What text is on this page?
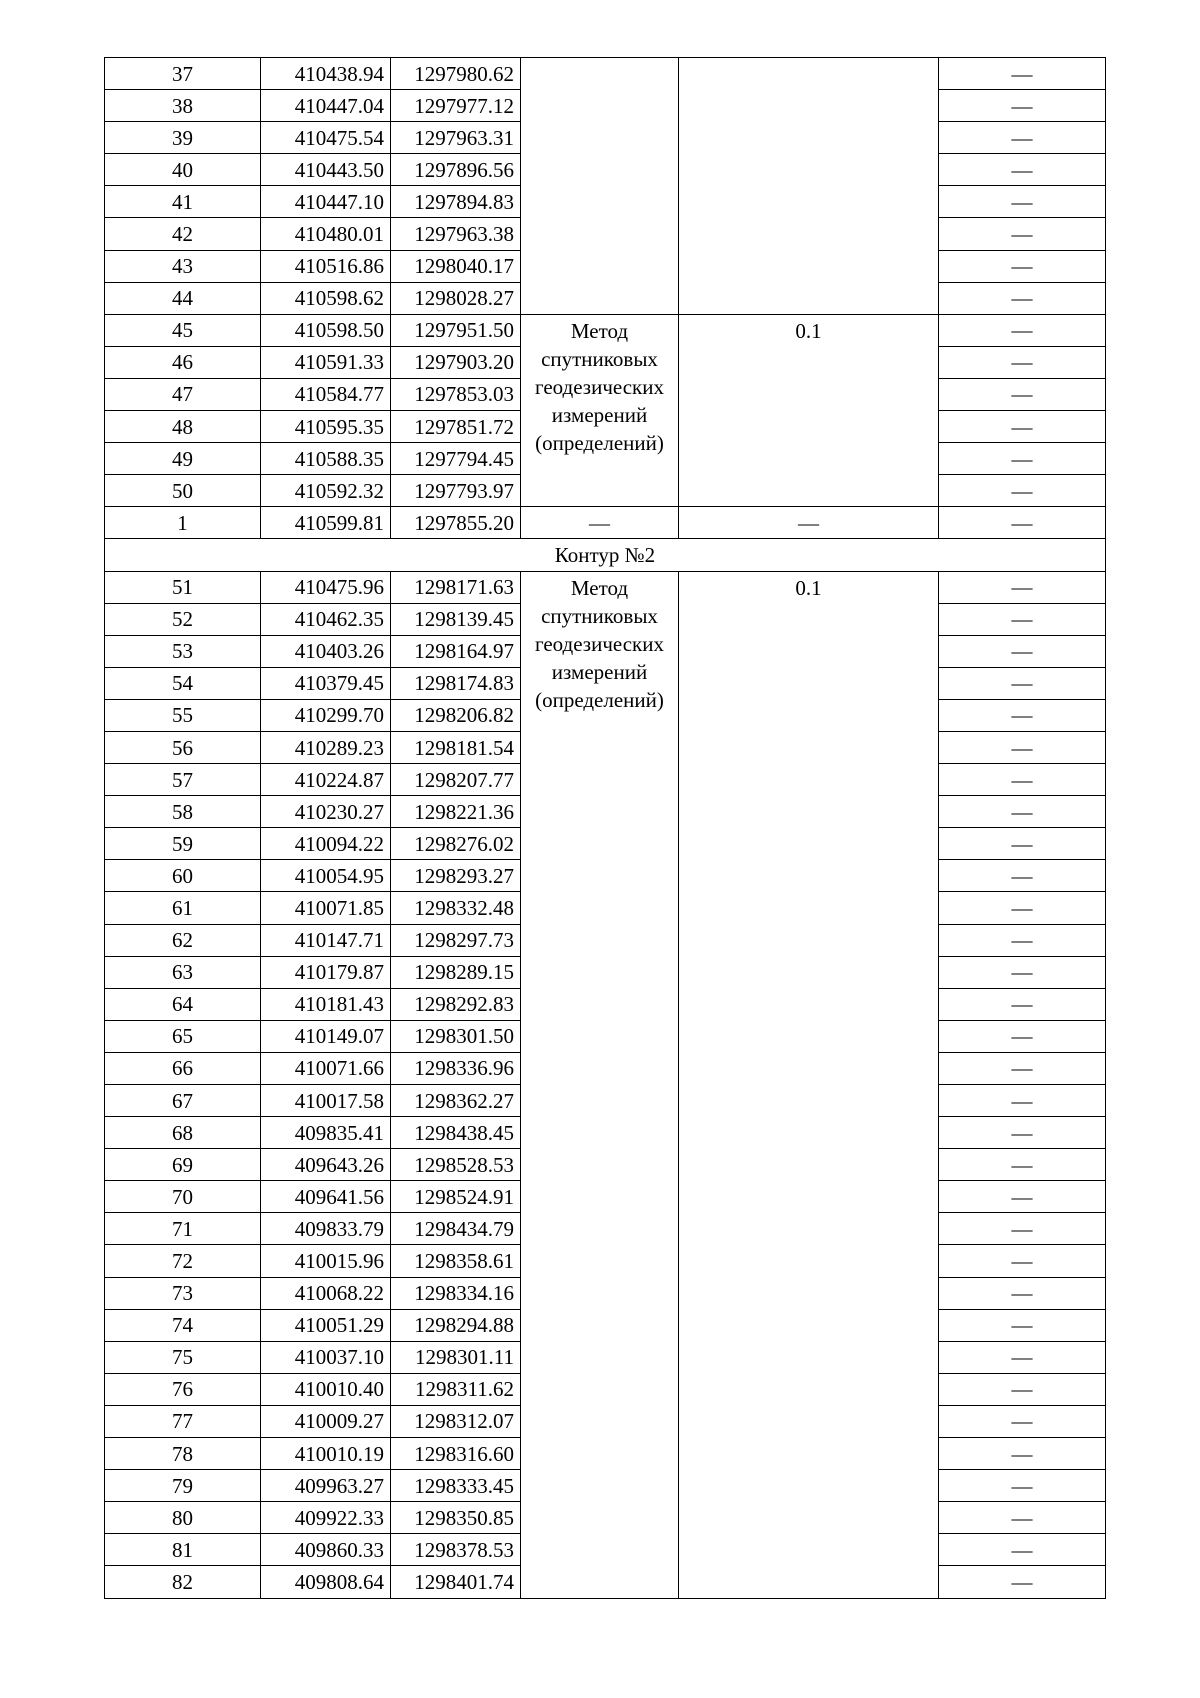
37	410438.94	1297980.62			—
38	410447.04	1297977.12			—
39	410475.54	1297963.31			—
40	410443.50	1297896.56			—
41	410447.10	1297894.83			—
42	410480.01	1297963.38			—
43	410516.86	1298040.17			—
44	410598.62	1298028.27			—
45	410598.50	1297951.50	Метод спутниковых геодезических измерений (определений)	0.1	—
46	410591.33	1297903.20			—
47	410584.77	1297853.03			—
48	410595.35	1297851.72			—
49	410588.35	1297794.45			—
50	410592.32	1297793.97			—
1	410599.81	1297855.20	—	—	—
Контур №2					
51	410475.96	1298171.63	Метод спутниковых геодезических измерений (определений)	0.1	—
52	410462.35	1298139.45			—
53	410403.26	1298164.97			—
54	410379.45	1298174.83			—
55	410299.70	1298206.82			—
56	410289.23	1298181.54			—
57	410224.87	1298207.77			—
58	410230.27	1298221.36			—
59	410094.22	1298276.02			—
60	410054.95	1298293.27			—
61	410071.85	1298332.48			—
62	410147.71	1298297.73			—
63	410179.87	1298289.15			—
64	410181.43	1298292.83			—
65	410149.07	1298301.50			—
66	410071.66	1298336.96			—
67	410017.58	1298362.27			—
68	409835.41	1298438.45			—
69	409643.26	1298528.53			—
70	409641.56	1298524.91			—
71	409833.79	1298434.79			—
72	410015.96	1298358.61			—
73	410068.22	1298334.16			—
74	410051.29	1298294.88			—
75	410037.10	1298301.11			—
76	410010.40	1298311.62			—
77	410009.27	1298312.07			—
78	410010.19	1298316.60			—
79	409963.27	1298333.45			—
80	409922.33	1298350.85			—
81	409860.33	1298378.53			—
82	409808.64	1298401.74			—
